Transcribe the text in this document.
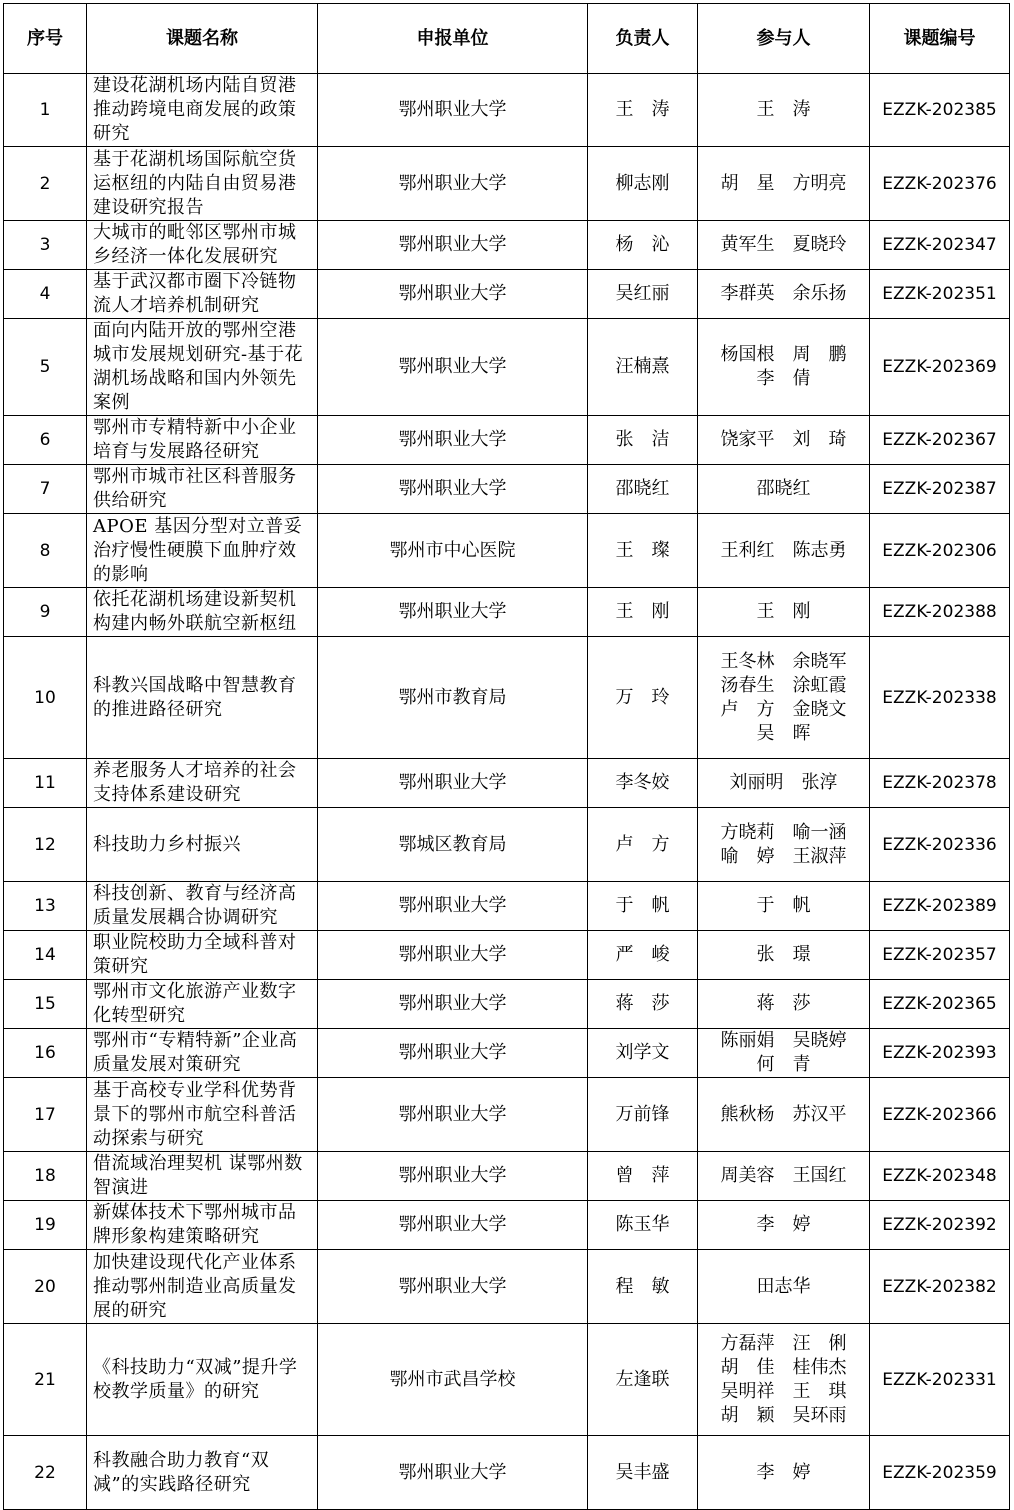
序号	课题名称	申报单位	负责人	参与人	课题编号
1	建设花湖机场内陆自贸港推动跨境电商发展的政策研究	鄂州职业大学	王　涛	王　涛	EZZK-202385
2	基于花湖机场国际航空货运枢纽的内陆自由贸易港建设研究报告	鄂州职业大学	柳志刚	胡　星　方明亮	EZZK-202376
3	大城市的毗邻区鄂州市城乡经济一体化发展研究	鄂州职业大学	杨　沁	黄军生　夏晓玲	EZZK-202347
4	基于武汉都市圈下冷链物流人才培养机制研究	鄂州职业大学	吴红丽	李群英　余乐扬	EZZK-202351
5	面向内陆开放的鄂州空港城市发展规划研究-基于花湖机场战略和国内外领先案例	鄂州职业大学	汪楠熹	杨国根　周　鹏
李　倩	EZZK-202369
6	鄂州市专精特新中小企业培育与发展路径研究	鄂州职业大学	张　洁	饶家平　刘　琦	EZZK-202367
7	鄂州市城市社区科普服务供给研究	鄂州职业大学	邵晓红	邵晓红	EZZK-202387
8	APOE 基因分型对立普妥治疗慢性硬膜下血肿疗效的影响	鄂州市中心医院	王　璨	王利红　陈志勇	EZZK-202306
9	依托花湖机场建设新契机构建内畅外联航空新枢纽	鄂州职业大学	王　刚	王　刚	EZZK-202388
10	科教兴国战略中智慧教育的推进路径研究	鄂州市教育局	万　玲	王冬林　余晓军
汤春生　涂虹霞
卢　方　金晓文
吴　晖	EZZK-202338
11	养老服务人才培养的社会支持体系建设研究	鄂州职业大学	李冬姣	刘丽明　张淳	EZZK-202378
12	科技助力乡村振兴	鄂城区教育局	卢　方	方晓莉　喻一涵
喻　婷　王淑萍	EZZK-202336
13	科技创新、教育与经济高质量发展耦合协调研究	鄂州职业大学	于　帆	于　帆	EZZK-202389
14	职业院校助力全域科普对策研究	鄂州职业大学	严　峻	张　璟	EZZK-202357
15	鄂州市文化旅游产业数字化转型研究	鄂州职业大学	蒋　莎	蒋　莎	EZZK-202365
16	鄂州市“专精特新”企业高质量发展对策研究	鄂州职业大学	刘学文	陈丽娟　吴晓婷
何　青	EZZK-202393
17	基于高校专业学科优势背景下的鄂州市航空科普活动探索与研究	鄂州职业大学	万前锋	熊秋杨　苏汉平	EZZK-202366
18	借流域治理契机 谋鄂州数智演进	鄂州职业大学	曾　萍	周美容　王国红	EZZK-202348
19	新媒体技术下鄂州城市品牌形象构建策略研究	鄂州职业大学	陈玉华	李　婷	EZZK-202392
20	加快建设现代化产业体系推动鄂州制造业高质量发展的研究	鄂州职业大学	程　敏	田志华	EZZK-202382
21	《科技助力“双减”提升学校教学质量》的研究	鄂州市武昌学校	左逢联	方磊萍　汪　俐
胡　佳　桂伟杰
吴明祥　王　琪
胡　颖　吴环雨	EZZK-202331
22	科教融合助力教育“双减”的实践路径研究	鄂州职业大学	吴丰盛	李　婷	EZZK-202359
